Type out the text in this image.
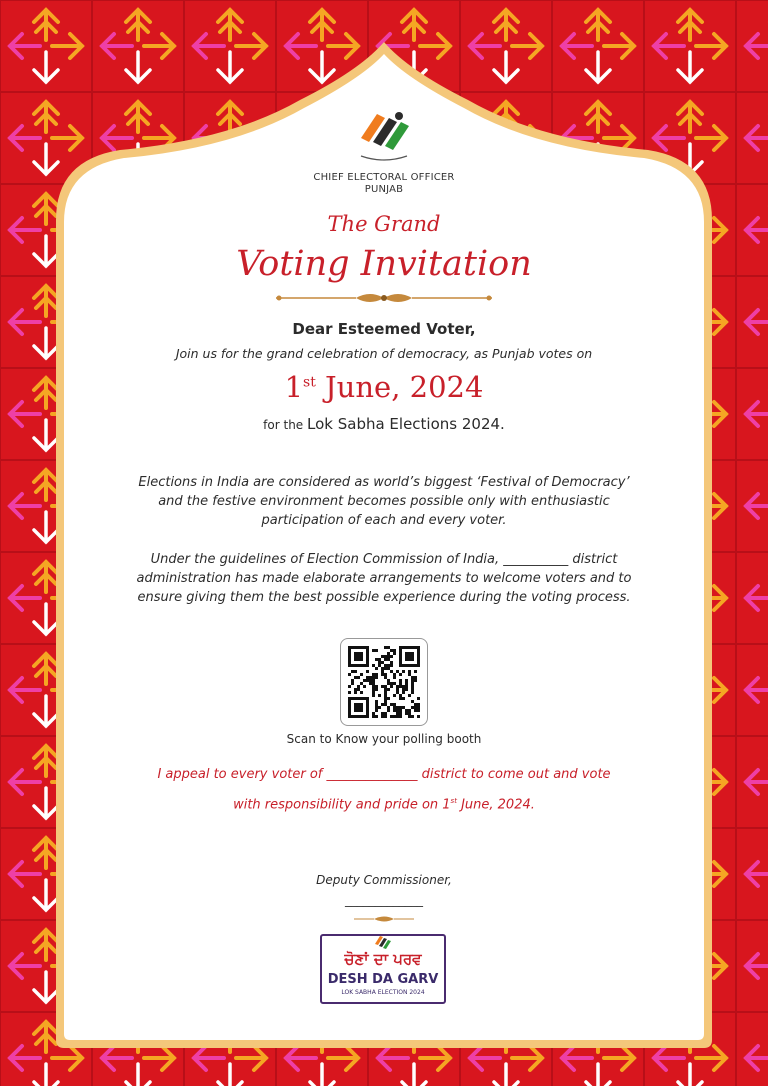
CHIEF ELECTORAL OFFICER
PUNJAB
The Grand
Voting Invitation
Dear Esteemed Voter,
Join us for the grand celebration of democracy, as Punjab votes on
1st June, 2024
for the Lok Sabha Elections 2024.
Elections in India are considered as world’s biggest ‘Festival of Democracy’
and the festive environment becomes possible only with enthusiastic
participation of each and every voter.
Under the guidelines of Election Commission of India, __________ district
administration has made elaborate arrangements to welcome voters and to
ensure giving them the best possible experience during the voting process.
Scan to Know your polling booth
I appeal to every voter of ______________ district to come out and vote
with responsibility and pride on 1st June, 2024.
Deputy Commissioner,
_____________
ਚੋਣਾਂ ਦਾ ਪਰਵ
DESH DA GARV
LOK SABHA ELECTION 2024
